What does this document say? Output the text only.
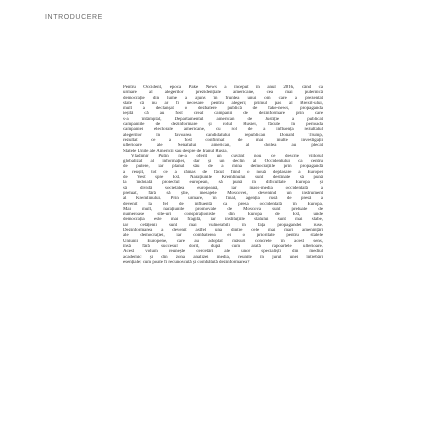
INTRODUCERE
Pentru Occident, epoca Pake News a început în anul 2016, când ca
urmare al alegerilor prezidențiale americane, cea mai puternică
democrație din lume a ajuns în fruntea unui om care a prezentat
state că nu ar fi necesare pentru alegeri; primul pas al Brexit-ului,
mult a declanșat o dezbatere publică de fake-news, propaganda
ieșită că au fost creat campanii de dezinformare prin care
s-a întâmplat, Departamentul american de Justiție a publicat
campaniile de dezinformare și rolul Rusiei, făcute în perioada
campaniei electorale americane, cu rol de a influența rezultatul
alegerilor în favoarea candidatului republican Donald Trump,
rezultat ce a fost confirmat de mai multe investigații
ulterioare ale Senatului american, al doilea au plecat
Statele Unite ale Americii sau despre de Iranul Rusia.
Vladimir Putin ne-a oferit un cuvânt nou ce descrie viitorul
globalizat al informației, dar și un declin al Occidentului ca centru
de putere, iar planul său de a mina democrațiile prin propagandă
a reușit, tot ce a rămas de făcut fiind o nouă deplasare a Europei
de Vest spre Est. Narațiunile Kremlinului sunt destinate să pună
la îndoială proiectul european, să pună în dificultate Europa și
să dividă societatea europeană, iar mass-media occidentală a
preluat, fără să știe, mesajele Moscovei, devenind un instrument
al Kremlinului. Prin urmare, în final, agenția rusă de presă a
devenit la fel de influentă ca presa occidentală în Europa.
Mai mult, narațiunile promovate de Moscova sunt preluate de
numeroase site-uri conspiraționiste din Europa de Est, unde
democrația este mai fragilă, iar instituțiile statului sunt mai slabe,
iar cetățenii sunt mai vulnerabili în fața propagandei ruse.
Dezinformarea a devenit astfel una dintre cele mai mari amenințări
ale democrației, iar combaterea ei o prioritate pentru statele
Uniunii Europene, care au adoptat măsuri concrete în acest sens,
însă fără succesul dorit, după cum arată rapoartele ulterioare.
Acest volum reunește cercetări ale unor specialiști din mediul
academic și din zona analizei media, reunite în jurul unei întrebări
esențiale: cum poate fi recunoscută și combătută dezinformarea?
